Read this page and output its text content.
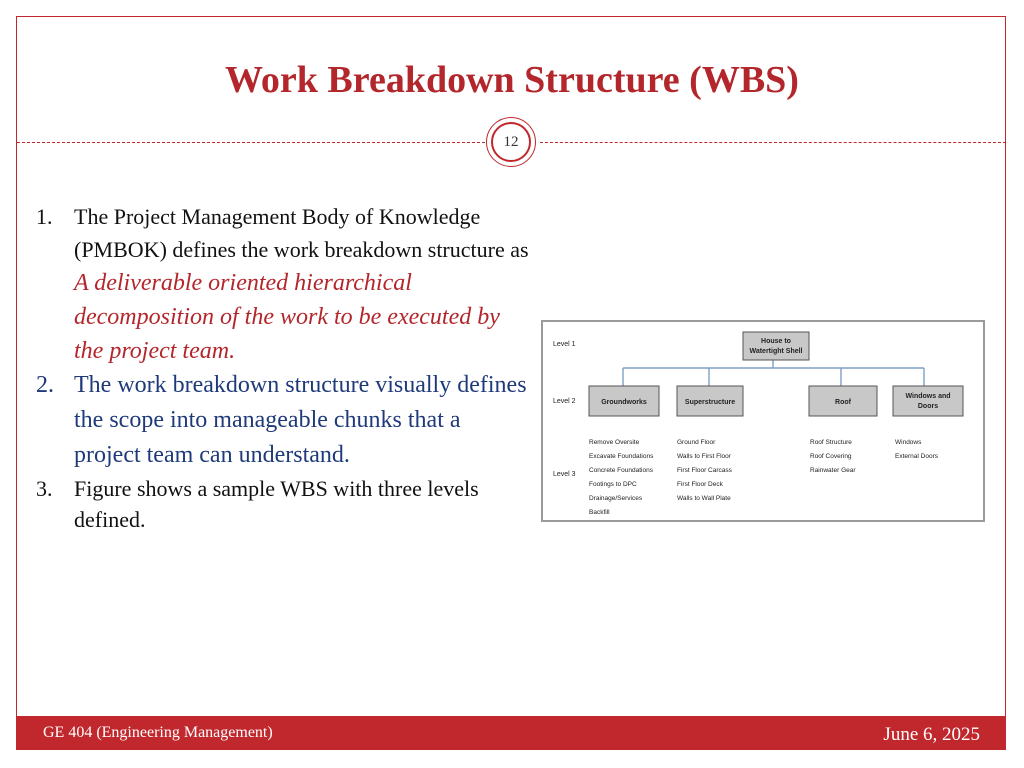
Work Breakdown Structure (WBS)
12
1. The Project Management Body of Knowledge (PMBOK) defines the work breakdown structure as A deliverable oriented hierarchical decomposition of the work to be executed by the project team.
2. The work breakdown structure visually defines the scope into manageable chunks that a project team can understand.
3. Figure shows a sample WBS with three levels defined.
Level 1
Level 2
Level 3
House to
Watertight Shell
Groundworks	Superstructure	Roof
Windows and
Doors
Remove Oversite
Excavate Foundations
Concrete Foundations
Footings to DPC
Drainage/Services
Backfill
Ground Floor
Walls to First Floor
First Floor Carcass
First Floor Deck
Walls to Wall Plate
Roof Structure
Roof Covering
Rainwater Gear
Windows
External Doors
GE 404 (Engineering Management)	June 6, 2025
